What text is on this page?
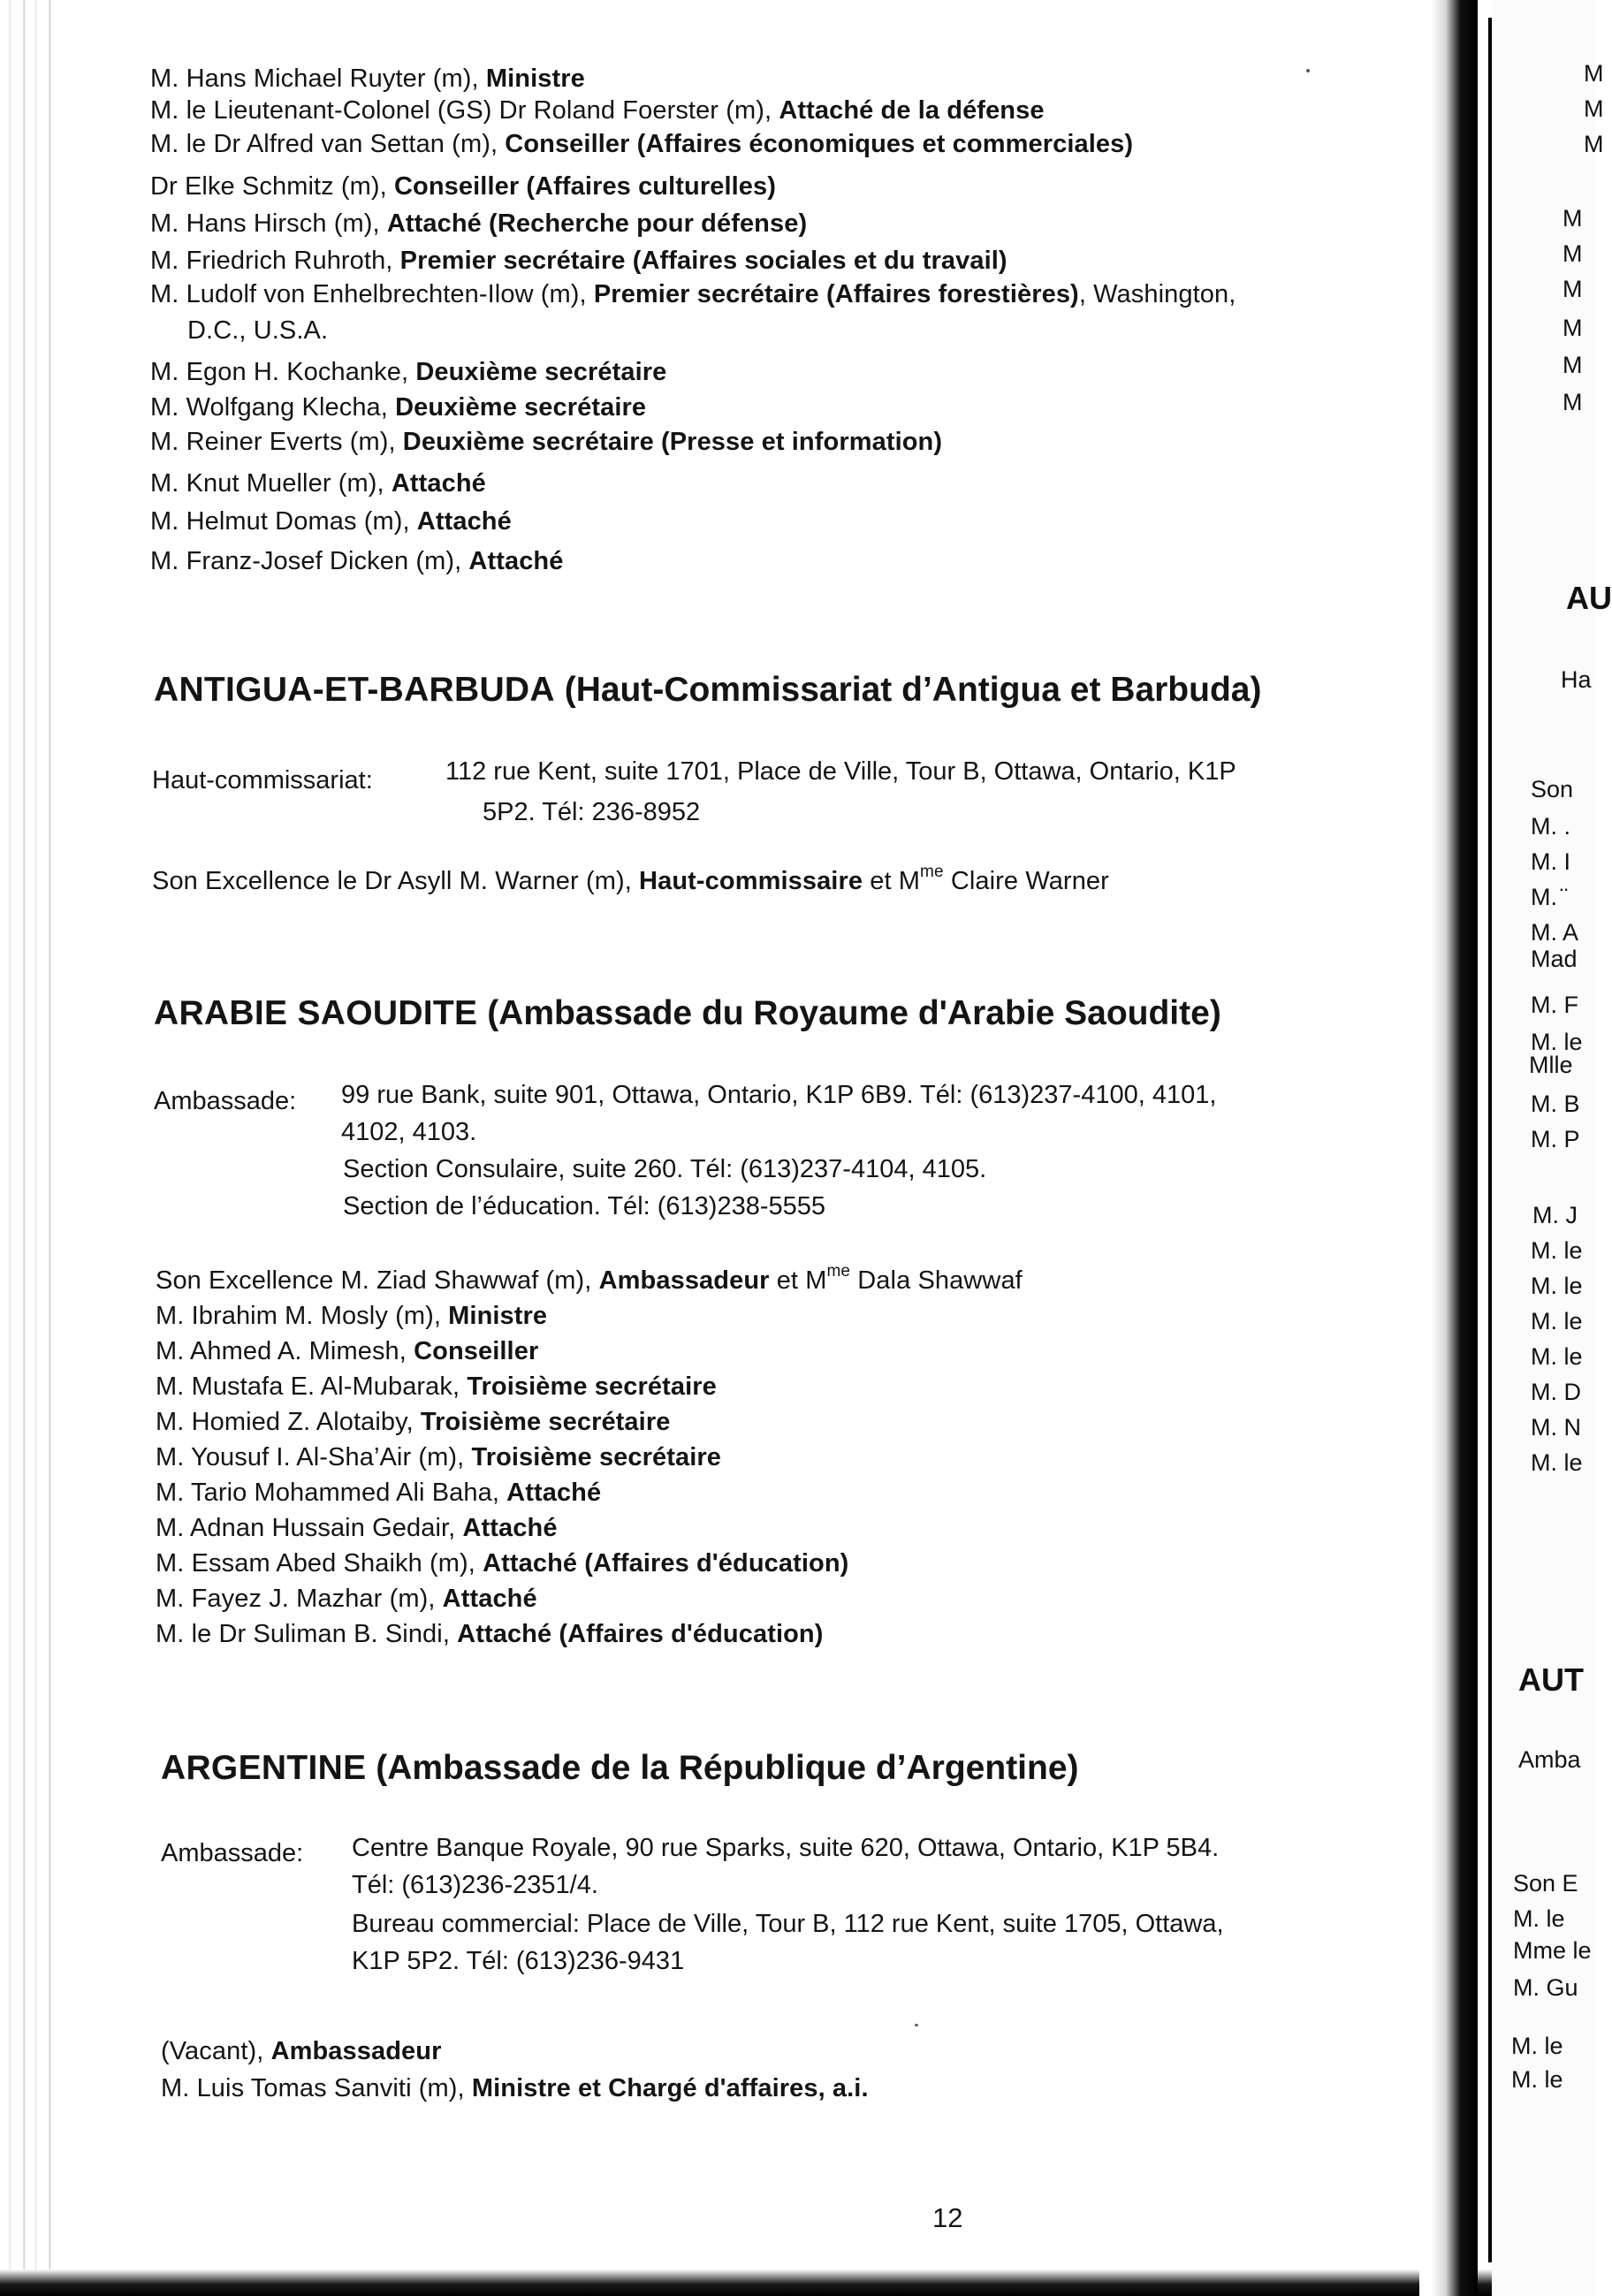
M. Hans Michael Ruyter (m), Ministre
M. le Lieutenant-Colonel (GS) Dr Roland Foerster (m), Attaché de la défense
M. le Dr Alfred van Settan (m), Conseiller (Affaires économiques et commerciales)
Dr Elke Schmitz (m), Conseiller (Affaires culturelles)
M. Hans Hirsch (m), Attaché (Recherche pour défense)
M. Friedrich Ruhroth, Premier secrétaire (Affaires sociales et du travail)
M. Ludolf von Enhelbrechten-Ilow (m), Premier secrétaire (Affaires forestières), Washington,
D.C., U.S.A.
M. Egon H. Kochanke, Deuxième secrétaire
M. Wolfgang Klecha, Deuxième secrétaire
M. Reiner Everts (m), Deuxième secrétaire (Presse et information)
M. Knut Mueller (m), Attaché
M. Helmut Domas (m), Attaché
M. Franz-Josef Dicken (m), Attaché
ANTIGUA-ET-BARBUDA (Haut-Commissariat d’Antigua et Barbuda)
Haut-commissariat:	112 rue Kent, suite 1701, Place de Ville, Tour B, Ottawa, Ontario, K1P
5P2. Tél: 236-8952
Son Excellence le Dr Asyll M. Warner (m), Haut-commissaire et $M^{me}$ Claire Warner
ARABIE SAOUDITE (Ambassade du Royaume d'Arabie Saoudite)
Ambassade: 99 rue Bank, suite 901, Ottawa, Ontario, K1P 6B9. Tél: (613)237-4100, 4101,
4102, 4103.
Section Consulaire, suite 260. Tél: (613)237-4104, 4105.
Section de l’éducation. Tél: (613)238-5555
Son Excellence M. Ziad Shawwaf (m), Ambassadeur et $M^{me}$ Dala Shawwaf
M. Ibrahim M. Mosly (m), Ministre
M. Ahmed A. Mimesh, Conseiller
M. Mustafa E. Al-Mubarak, Troisième secrétaire
M. Homied Z. Alotaiby, Troisième secrétaire
M. Yousuf I. Al-Sha’Air (m), Troisième secrétaire
M. Tario Mohammed Ali Baha, Attaché
M. Adnan Hussain Gedair, Attaché
M. Essam Abed Shaikh (m), Attaché (Affaires d'éducation)
M. Fayez J. Mazhar (m), Attaché
M. le Dr Suliman B. Sindi, Attaché (Affaires d'éducation)
ARGENTINE (Ambassade de la République d’Argentine)
Ambassade: Centre Banque Royale, 90 rue Sparks, suite 620, Ottawa, Ontario, K1P 5B4.
Tél: (613)236-2351/4.
Bureau commercial: Place de Ville, Tour B, 112 rue Kent, suite 1705, Ottawa,
K1P 5P2. Tél: (613)236-9431
(Vacant), Ambassadeur
M. Luis Tomas Sanviti (m), Ministre et Chargé d'affaires, a.i.
12
M
M
M
M
M
M
M
M
M
AU
Ha
Son
M. .
M. I
M. ̈
M. A
Mad
M. F
M. le
Mlle
M. B
M. P
M. J
M. le
M. le
M. le
M. le
M. D
M. N
M. le
AUT
Amba
Son E
M. le
Mme le
M. Gu
M. le
M. le
